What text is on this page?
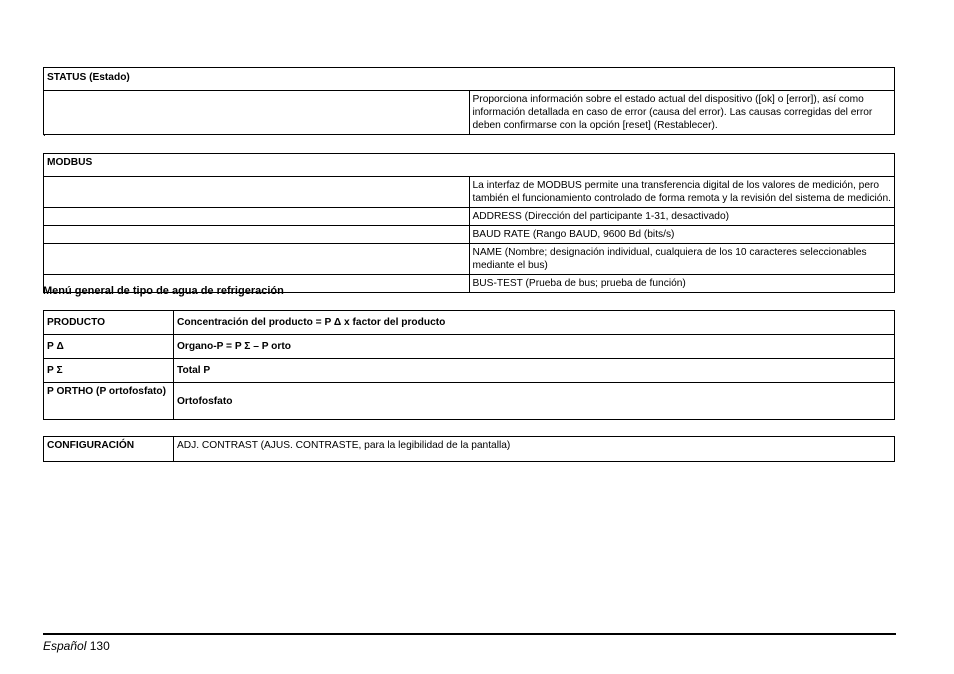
STATUS (Estado)
	Proporciona información sobre el estado actual del dispositivo ([ok] o [error]), así como información detallada en caso de error (causa del error). Las causas corregidas del error deben confirmarse con la opción [reset] (Restablecer).
.
MODBUS	
	La interfaz de MODBUS permite una transferencia digital de los valores de medición, pero también el funcionamiento controlado de forma remota y la revisión del sistema de medición.
	ADDRESS (Dirección del participante 1-31, desactivado)
	BAUD RATE (Rango BAUD, 9600 Bd (bits/s)
	NAME (Nombre; designación individual, cualquiera de los 10 caracteres seleccionables mediante el bus)
	BUS-TEST (Prueba de bus; prueba de función)
Menú general de tipo de agua de refrigeración
PRODUCTO	Concentración del producto = P Δ x factor del producto
P Δ	Organo-P = P Σ – P orto
P Σ	Total P
P ORTHO (P ortofosfato)	Ortofosfato
CONFIGURACIÓN	ADJ. CONTRAST (AJUS. CONTRASTE, para la legibilidad de la pantalla)
Español 130
